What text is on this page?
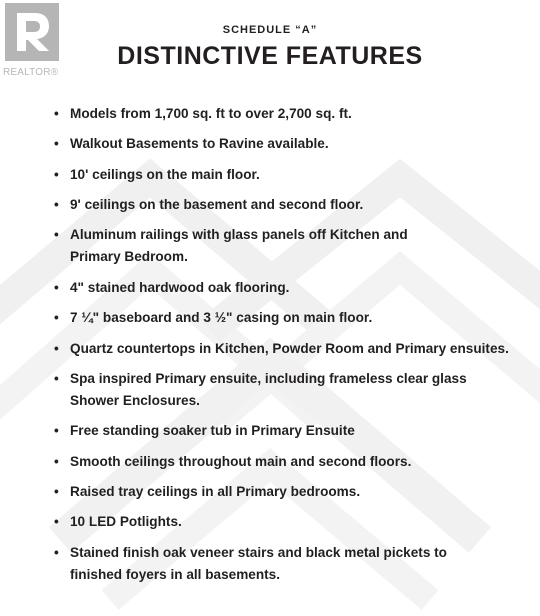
REALTOR®
SCHEDULE “A”
DISTINCTIVE FEATURES
• Models from 1,700 sq. ft to over 2,700 sq. ft.
• Walkout Basements to Ravine available.
• 10' ceilings on the main floor.
• 9' ceilings on the basement and second floor.
• Aluminum railings with glass panels off Kitchen and
Primary Bedroom.
• 4" stained hardwood oak flooring.
• 7 ¼" baseboard and 3 ½" casing on main floor.
• Quartz countertops in Kitchen, Powder Room and Primary ensuites.
• Spa inspired Primary ensuite, including frameless clear glass
Shower Enclosures.
• Free standing soaker tub in Primary Ensuite
• Smooth ceilings throughout main and second floors.
• Raised tray ceilings in all Primary bedrooms.
• 10 LED Potlights.
• Stained finish oak veneer stairs and black metal pickets to
finished foyers in all basements.
